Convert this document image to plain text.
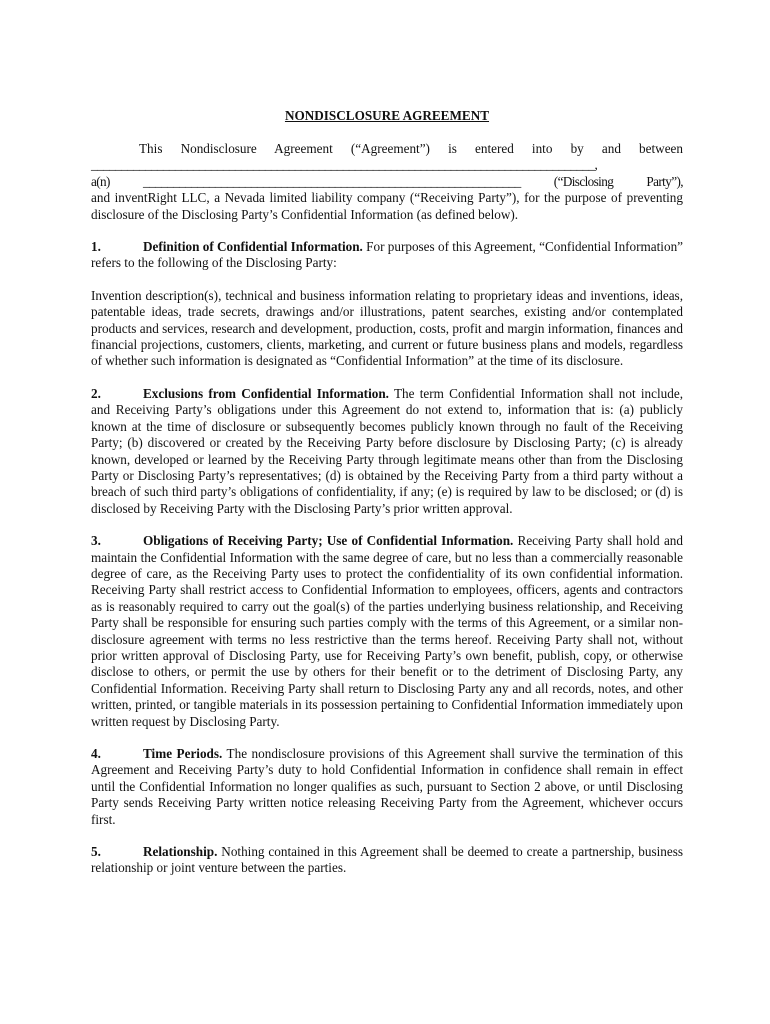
NONDISCLOSURE AGREEMENT

This Nondisclosure Agreement (“Agreement”) is entered into by and between
____________________________________________________________________________________,
a(n) _______________________________________________________________ (“Disclosing Party”),
and inventRight LLC, a Nevada limited liability company (“Receiving Party”), for the purpose of preventing disclosure of the Disclosing Party’s Confidential Information (as defined below).

1.	Definition of Confidential Information. For purposes of this Agreement, “Confidential Information” refers to the following of the Disclosing Party:

Invention description(s), technical and business information relating to proprietary ideas and inventions, ideas, patentable ideas, trade secrets, drawings and/or illustrations, patent searches, existing and/or contemplated products and services, research and development, production, costs, profit and margin information, finances and financial projections, customers, clients, marketing, and current or future business plans and models, regardless of whether such information is designated as “Confidential Information” at the time of its disclosure.

2.	Exclusions from Confidential Information. The term Confidential Information shall not include, and Receiving Party’s obligations under this Agreement do not extend to, information that is: (a) publicly known at the time of disclosure or subsequently becomes publicly known through no fault of the Receiving Party; (b) discovered or created by the Receiving Party before disclosure by Disclosing Party; (c) is already known, developed or learned by the Receiving Party through legitimate means other than from the Disclosing Party or Disclosing Party’s representatives; (d) is obtained by the Receiving Party from a third party without a breach of such third party’s obligations of confidentiality, if any; (e) is required by law to be disclosed; or (d) is disclosed by Receiving Party with the Disclosing Party’s prior written approval.

3.	Obligations of Receiving Party; Use of Confidential Information. Receiving Party shall hold and maintain the Confidential Information with the same degree of care, but no less than a commercially reasonable degree of care, as the Receiving Party uses to protect the confidentiality of its own confidential information. Receiving Party shall restrict access to Confidential Information to employees, officers, agents and contractors as is reasonably required to carry out the goal(s) of the parties underlying business relationship, and Receiving Party shall be responsible for ensuring such parties comply with the terms of this Agreement, or a similar non-disclosure agreement with terms no less restrictive than the terms hereof. Receiving Party shall not, without prior written approval of Disclosing Party, use for Receiving Party’s own benefit, publish, copy, or otherwise disclose to others, or permit the use by others for their benefit or to the detriment of Disclosing Party, any Confidential Information. Receiving Party shall return to Disclosing Party any and all records, notes, and other written, printed, or tangible materials in its possession pertaining to Confidential Information immediately upon written request by Disclosing Party.

4.	Time Periods. The nondisclosure provisions of this Agreement shall survive the termination of this Agreement and Receiving Party’s duty to hold Confidential Information in confidence shall remain in effect until the Confidential Information no longer qualifies as such, pursuant to Section 2 above, or until Disclosing Party sends Receiving Party written notice releasing Receiving Party from the Agreement, whichever occurs first.

5.	Relationship. Nothing contained in this Agreement shall be deemed to create a partnership, business relationship or joint venture between the parties.
